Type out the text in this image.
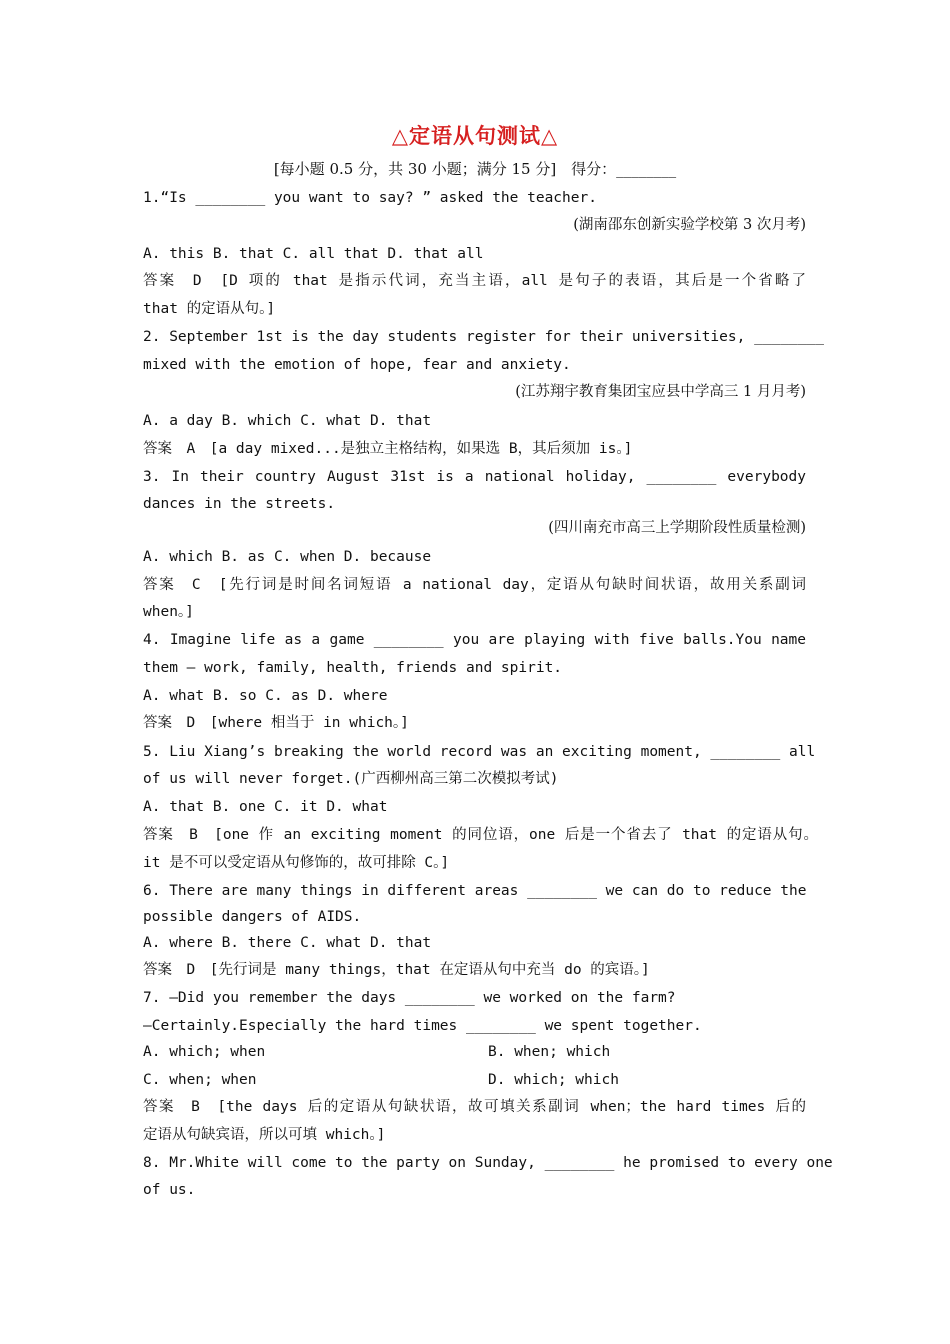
△定语从句测试△
[每小题 0.5 分，共 30 小题；满分 15 分]　得分：________
1.“Is ________ you want to say? ” asked the teacher.
(湖南邵东创新实验学校第 3 次月考)
A. this B. that C. all that D. that all
答案　D　[D 项的 that 是指示代词，充当主语，all 是句子的表语，其后是一个省略了
that 的定语从句。]
2. September 1st is the day students register for their universities, ________
mixed with the emotion of hope, fear and anxiety.
(江苏翔宇教育集团宝应县中学高三 1 月月考)
A. a day B. which C. what D. that
答案　A　[a day mixed...是独立主格结构，如果选 B，其后须加 is。]
3. In their country August 31st is a national holiday, ________ everybody
dances in the streets.
(四川南充市高三上学期阶段性质量检测)
A. which B. as C. when D. because
答案　C　[先行词是时间名词短语 a national day，定语从句缺时间状语，故用关系副词
when。]
4. Imagine life as a game ________ you are playing with five balls.You name
them — work, family, health, friends and spirit.
A. what B. so C. as D. where
答案　D　[where 相当于 in which。]
5. Liu Xiang’s breaking the world record was an exciting moment, ________ all
of us will never forget.(广西柳州高三第二次模拟考试)
A. that B. one C. it D. what
答案　B　[one 作 an exciting moment 的同位语，one 后是一个省去了 that 的定语从句。
it 是不可以受定语从句修饰的，故可排除 C。]
6. There are many things in different areas ________ we can do to reduce the
possible dangers of AIDS.
A. where B. there C. what D. that
答案　D　[先行词是 many things，that 在定语从句中充当 do 的宾语。]
7. —Did you remember the days ________ we worked on the farm?
—Certainly.Especially the hard times ________ we spent together.
A. which; when	B. when; which
C. when; when	D. which; which
答案　B　[the days 后的定语从句缺状语，故可填关系副词 when；the hard times 后的
定语从句缺宾语，所以可填 which。]
8. Mr.White will come to the party on Sunday, ________ he promised to every one
of us.
